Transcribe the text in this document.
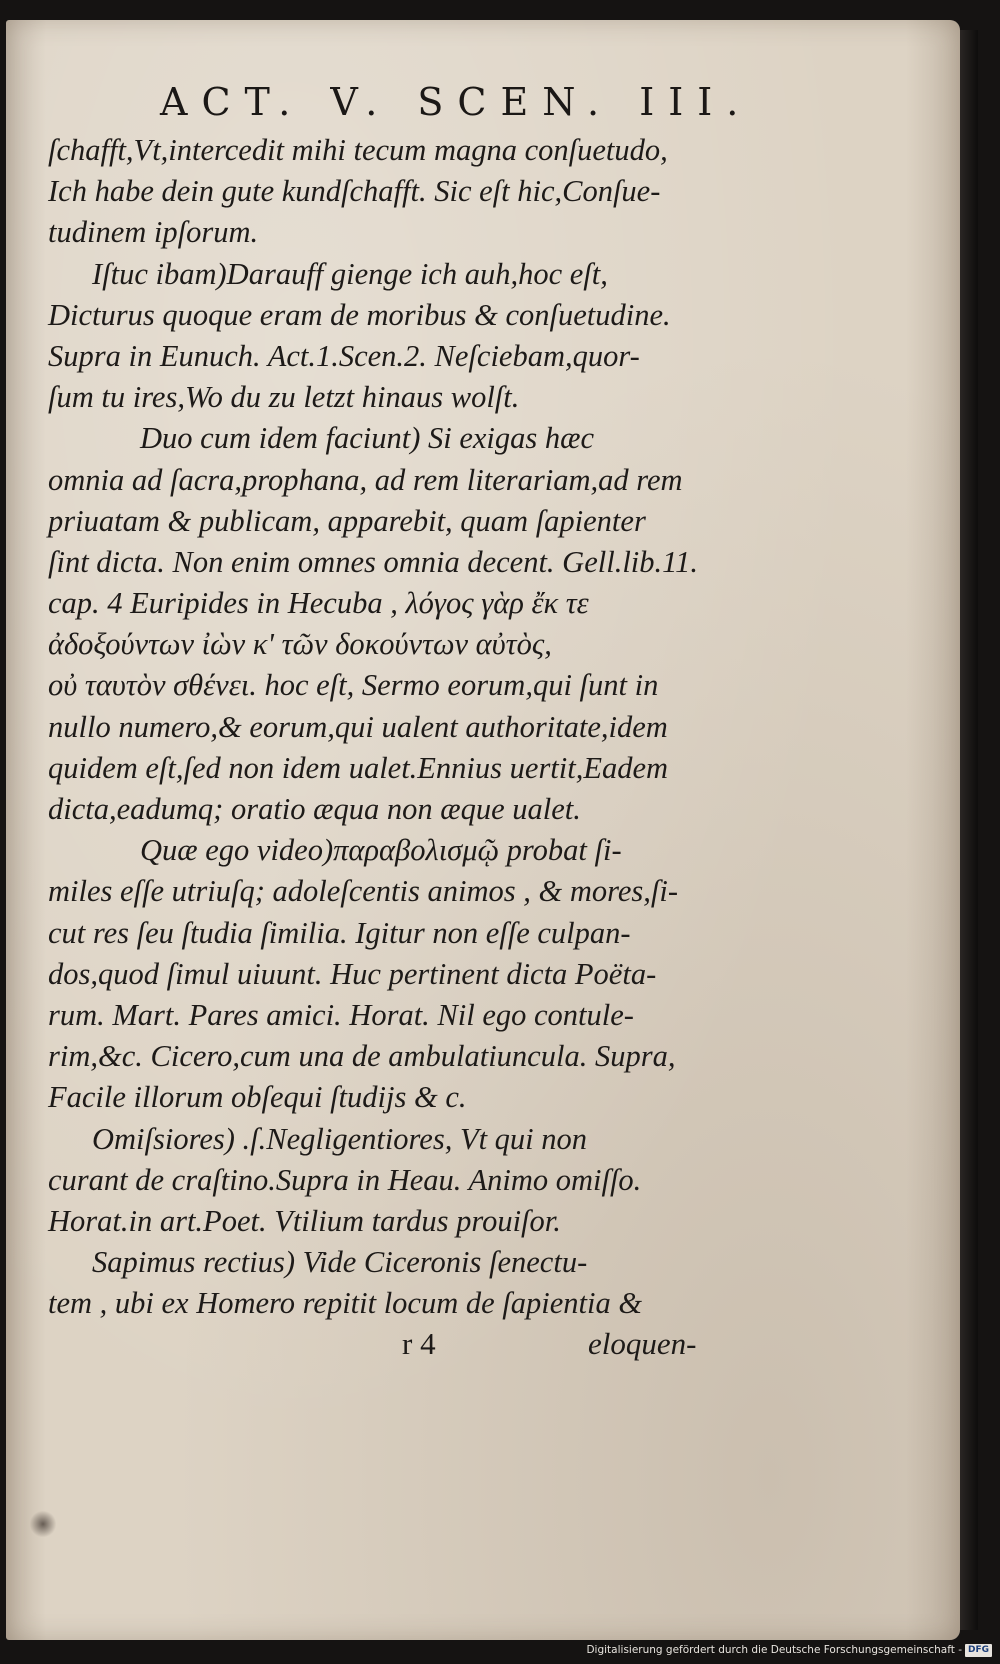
ACT. V. SCEN. III.
ſchafft,Vt,intercedit mihi tecum magna conſuetudo,
Ich habe dein gute kundſchafft. Sic eſt hic,Conſue-
tudinem ipſorum.
Iſtuc ibam)Darauff gienge ich auh,hoc eſt,
Dicturus quoque eram de moribus & conſuetudine.
Supra in Eunuch. Act.1.Scen.2. Neſciebam,quor-
ſum tu ires,Wo du zu letzt hinaus wolſt.
Duo cum idem faciunt) Si exigas hæc
omnia ad ſacra,prophana, ad rem literariam,ad rem
priuatam & publicam, apparebit, quam ſapienter
ſint dicta. Non enim omnes omnia decent. Gell.lib.11.
cap. 4 Euripides in Hecuba , λόγος γὰρ ἔκ τε
ἀδοξούντων ἰὼν κ' τῶν δοκούντων αὐτὸς,
οὐ ταυτὸν σθένει. hoc eſt, Sermo eorum,qui ſunt in
nullo numero,& eorum,qui ualent authoritate,idem
quidem eſt,ſed non idem ualet.Ennius uertit,Eadem
dicta,eadumq; oratio æqua non æque ualet.
Quæ ego video)παραβολισμῷ probat ſi-
miles eſſe utriuſq; adoleſcentis animos , & mores,ſi-
cut res ſeu ſtudia ſimilia. Igitur non eſſe culpan-
dos,quod ſimul uiuunt. Huc pertinent dicta Poëta-
rum. Mart. Pares amici. Horat. Nil ego contule-
rim,&c. Cicero,cum una de ambulatiuncula. Supra,
Facile illorum obſequi ſtudijs & c.
Omiſsiores) .ſ.Negligentiores, Vt qui non
curant de craſtino.Supra in Heau. Animo omiſſo.
Horat.in art.Poet. Vtilium tardus prouiſor.
Sapimus rectius) Vide Ciceronis ſenectu-
tem , ubi ex Homero repitit locum de ſapientia &
r 4	eloquen-
Digitalisierung gefördert durch die Deutsche Forschungsgemeinschaft - DFG
